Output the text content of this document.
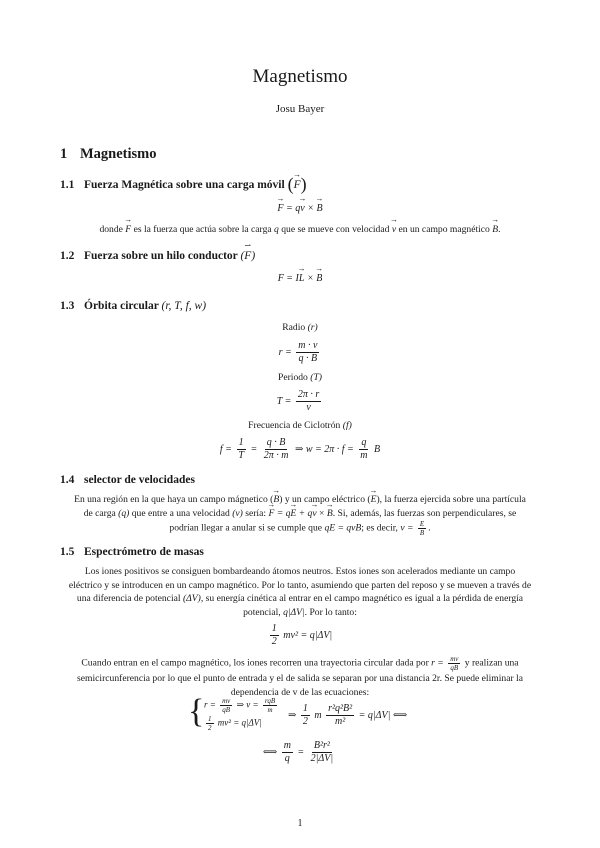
Magnetismo
Josu Bayer
1 Magnetismo
1.1 Fuerza Magnética sobre una carga móvil (→ F)
→ F = q→ v × → B
donde → F es la fuerza que actúa sobre la carga q que se mueve con velocidad → v en un campo magnético → B.
1.2 Fuerza sobre un hilo conductor (⇀ F)
F = I→ L × → B
1.3 Órbita circular (r, T, f, w)
Radio (r)
$r = \frac{m \cdot v}{q \cdot B}$
Periodo (T)
$T = \frac{2\pi \cdot r}{v}$
Frecuencia de Ciclotrón (f)
$f = \frac{1}{T} = \frac{q \cdot B}{2\pi \cdot m}$ ⇒ $w = 2\pi \cdot f = \frac{q}{m}$ B
1.4 selector de velocidades
En una región en la que haya un campo mágnetico (→ B) y un campo eléctrico (→ E), la fuerza ejercida sobre una partícula
de carga (q) que entre a una velocidad (v) sería: → F = q→ E + q→ v × → B. Si, además, las fuerzas son perpendiculares, se
podrían llegar a anular si se cumple que qE = qvB; es decir, $v = \frac{E}{B}$ .
1.5 Espectrómetro de masas
Los iones positivos se consiguen bombardeando átomos neutros. Estos iones son acelerados mediante un campo
eléctrico y se introducen en un campo magnético. Por lo tanto, asumiendo que parten del reposo y se mueven a través de
una diferencia de potencial (ΔV), su energía cinética al entrar en el campo magnético es igual a la pérdida de energía
potencial, q|ΔV|. Por lo tanto:
$\frac{1}{2} mv^2 = q|\Delta V|$
Cuando entran en el campo magnético, los iones recorren una trayectoria circular dada por $r = \frac{mv}{qB}$ y realizan una
semicircunferencia por lo que el punto de entrada y el de salida se separan por una distancia 2r. Se puede eliminar la
dependencia de v de las ecuaciones:
{ $r = \frac{mv}{qB}$ ⇒ $v = \frac{\text{rqB}}{m}$
$\frac{1}{2} mv^2 = q|\Delta V|$
⇒ $\frac{1}{2}$ m $\frac{\text{r²q²B²}}{\text{m²}} = q|\Delta V|$ ⟺
⟺ $\frac{m}{q} = \frac{\text{B²r²}}{2|\Delta V|}$
1
